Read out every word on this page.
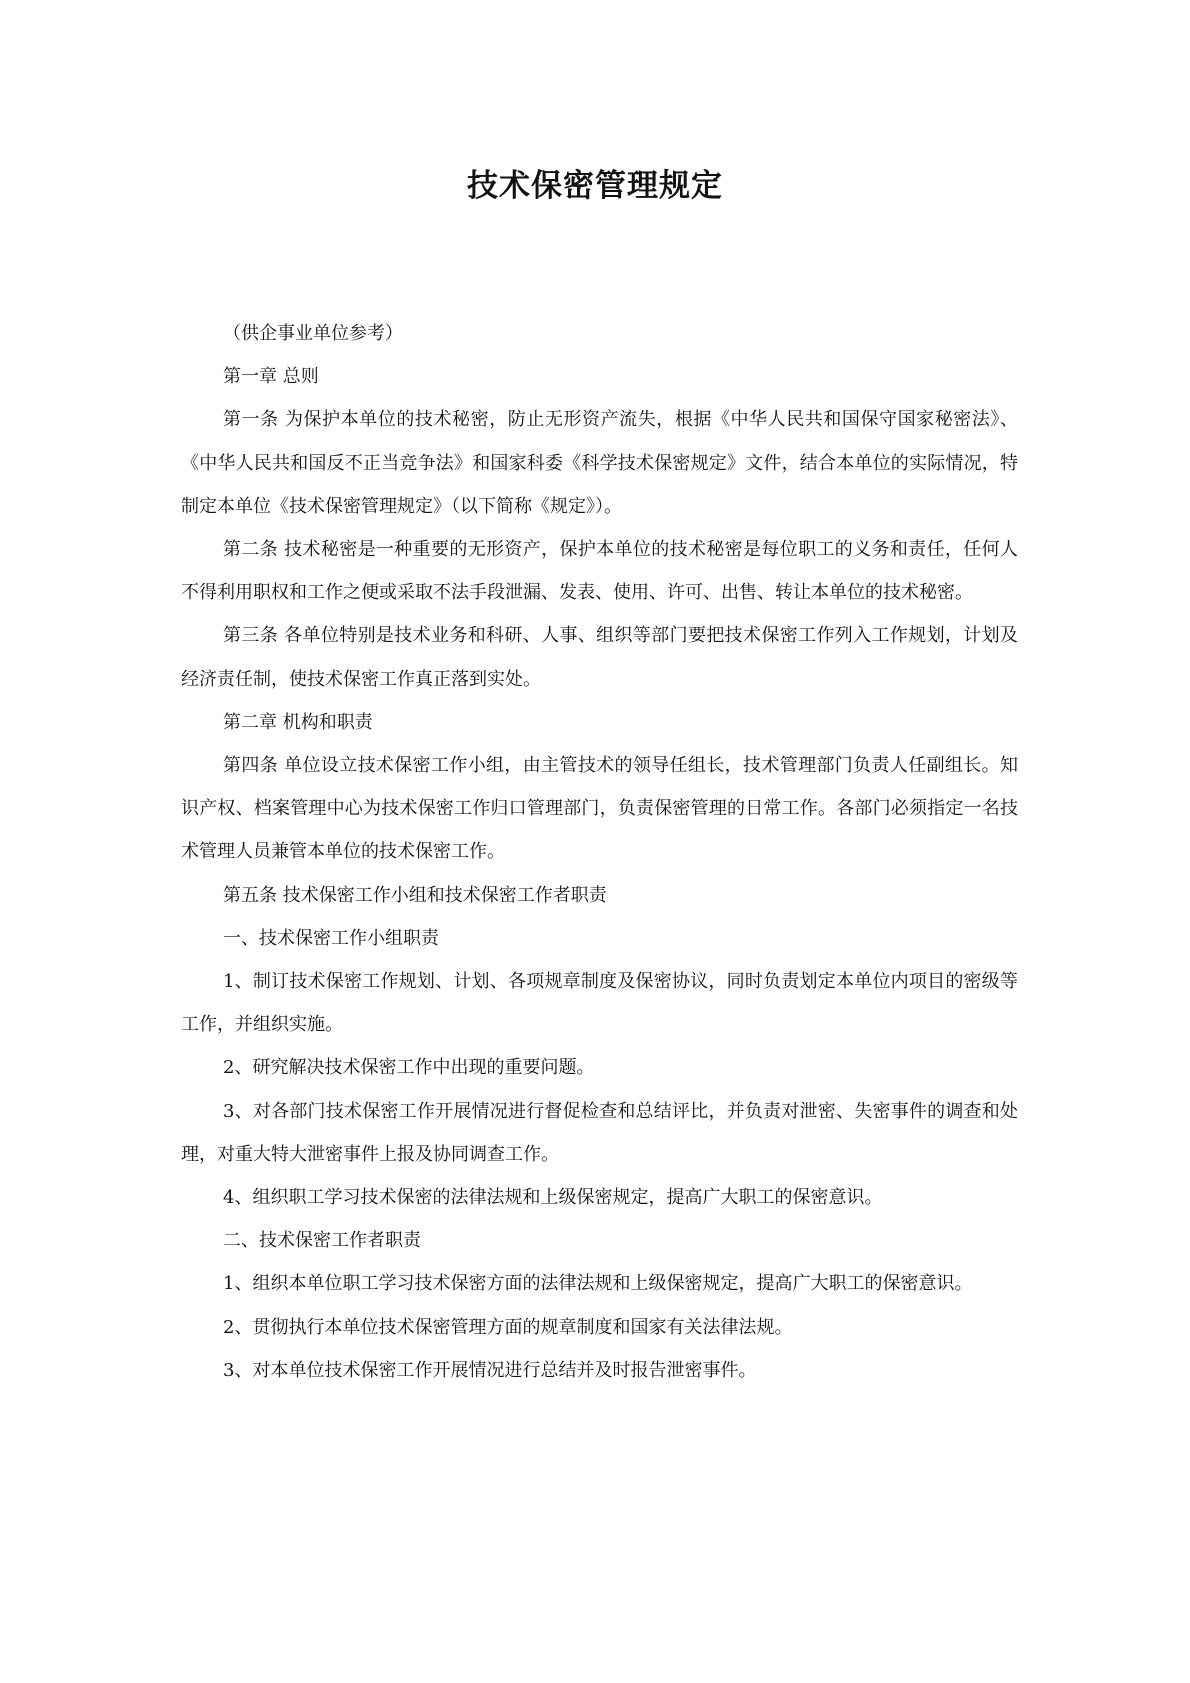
技术保密管理规定

（供企事业单位参考）

第一章 总则

第一条 为保护本单位的技术秘密，防止无形资产流失，根据《中华人民共和国保守国家秘密法》、《中华人民共和国反不正当竞争法》和国家科委《科学技术保密规定》文件，结合本单位的实际情况，特制定本单位《技术保密管理规定》（以下简称《规定》）。

第二条 技术秘密是一种重要的无形资产，保护本单位的技术秘密是每位职工的义务和责任，任何人不得利用职权和工作之便或采取不法手段泄漏、发表、使用、许可、出售、转让本单位的技术秘密。

第三条 各单位特别是技术业务和科研、人事、组织等部门要把技术保密工作列入工作规划，计划及经济责任制，使技术保密工作真正落到实处。

第二章 机构和职责

第四条 单位设立技术保密工作小组，由主管技术的领导任组长，技术管理部门负责人任副组长。知识产权、档案管理中心为技术保密工作归口管理部门，负责保密管理的日常工作。各部门必须指定一名技术管理人员兼管本单位的技术保密工作。

第五条 技术保密工作小组和技术保密工作者职责

一、技术保密工作小组职责

1、制订技术保密工作规划、计划、各项规章制度及保密协议，同时负责划定本单位内项目的密级等工作，并组织实施。

2、研究解决技术保密工作中出现的重要问题。

3、对各部门技术保密工作开展情况进行督促检查和总结评比，并负责对泄密、失密事件的调查和处理，对重大特大泄密事件上报及协同调查工作。

4、组织职工学习技术保密的法律法规和上级保密规定，提高广大职工的保密意识。

二、技术保密工作者职责

1、组织本单位职工学习技术保密方面的法律法规和上级保密规定，提高广大职工的保密意识。

2、贯彻执行本单位技术保密管理方面的规章制度和国家有关法律法规。

3、对本单位技术保密工作开展情况进行总结并及时报告泄密事件。
